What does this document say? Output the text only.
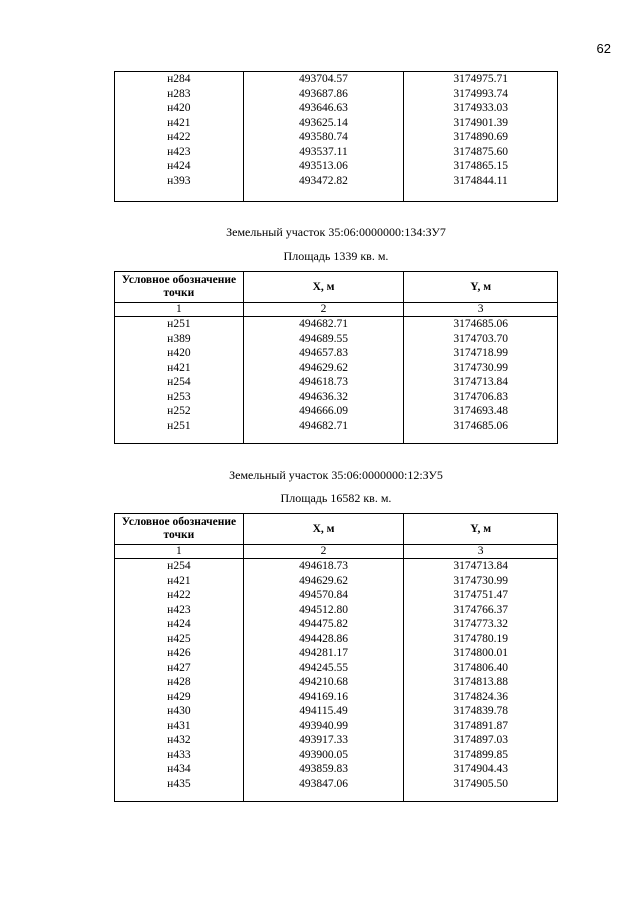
62
н284	493704.57	3174975.71
н283	493687.86	3174993.74
н420	493646.63	3174933.03
н421	493625.14	3174901.39
н422	493580.74	3174890.69
н423	493537.11	3174875.60
н424	493513.06	3174865.15
н393	493472.82	3174844.11

Земельный участок 35:06:0000000:134:ЗУ7
Площадь 1339 кв. м.
Условное обозначение точки	X, м	Y, м
1	2	3
н251	494682.71	3174685.06
н389	494689.55	3174703.70
н420	494657.83	3174718.99
н421	494629.62	3174730.99
н254	494618.73	3174713.84
н253	494636.32	3174706.83
н252	494666.09	3174693.48
н251	494682.71	3174685.06

Земельный участок 35:06:0000000:12:ЗУ5
Площадь 16582 кв. м.
Условное обозначение точки	X, м	Y, м
1	2	3
н254	494618.73	3174713.84
н421	494629.62	3174730.99
н422	494570.84	3174751.47
н423	494512.80	3174766.37
н424	494475.82	3174773.32
н425	494428.86	3174780.19
н426	494281.17	3174800.01
н427	494245.55	3174806.40
н428	494210.68	3174813.88
н429	494169.16	3174824.36
н430	494115.49	3174839.78
н431	493940.99	3174891.87
н432	493917.33	3174897.03
н433	493900.05	3174899.85
н434	493859.83	3174904.43
н435	493847.06	3174905.50
